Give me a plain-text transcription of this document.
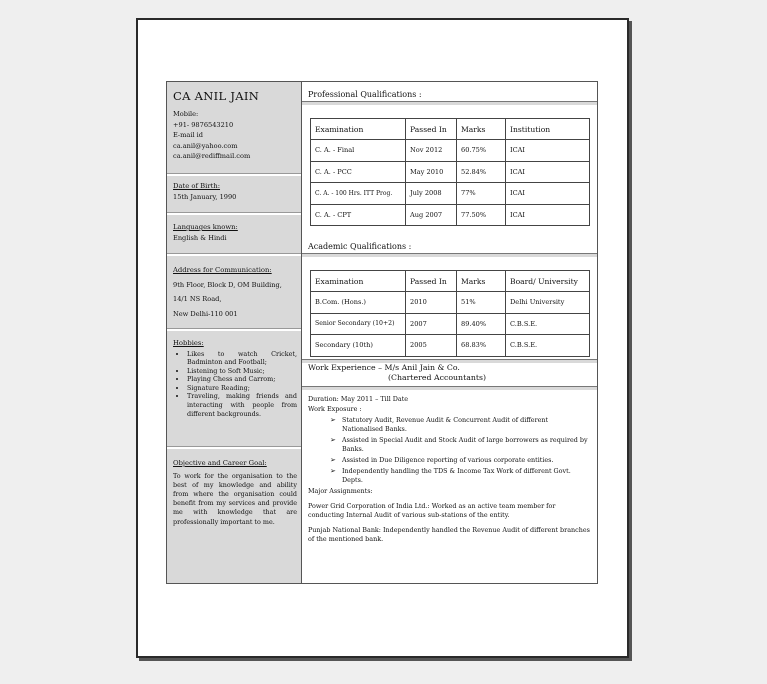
CA ANIL JAIN
Mobile:
+91- 9876543210
E-mail id
ca.anil@yahoo.com
ca.anil@rediffmail.com
Date of Birth:
15th January, 1990
Languages known:
English & Hindi
Address for Communication:
9th Floor, Block D, OM Building,
14/1 NS Road,
New Delhi-110 001
Hobbies:
• Likes to watch Cricket, Badminton and Football;
• Listening to Soft Music;
• Playing Chess and Carrom;
• Signature Reading;
• Traveling, making friends and interacting with people from different backgrounds.
Objective and Career Goal:
To work for the organisation to the best of my knowledge and ability from where the organisation could benefit from my services and provide me with knowledge that are professionally important to me.
Professional Qualifications :
Examination	Passed In	Marks	Institution
C. A. - Final	Nov 2012	60.75%	ICAI
C. A. - PCC	May 2010	52.84%	ICAI
C. A. - 100 Hrs. ITT Prog.	July 2008	77%	ICAI
C. A. - CPT	Aug 2007	77.50%	ICAI
Academic Qualifications :
Examination	Passed In	Marks	Board/ University
B.Com. (Hons.)	2010	51%	Delhi University
Senior Secondary (10+2)	2007	89.40%	C.B.S.E.
Secondary (10th)	2005	68.83%	C.B.S.E.
Work Experience – M/s Anil Jain & Co.
(Chartered Accountants)
Duration: May 2011 – Till Date
Work Exposure :
➢ Statutory Audit, Revenue Audit & Concurrent Audit of different Nationalised Banks.
➢ Assisted in Special Audit and Stock Audit of large borrowers as required by Banks.
➢ Assisted in Due Diligence reporting of various corporate entities.
➢ Independently handling the TDS & Income Tax Work of different Govt. Depts.
Major Assignments:
Power Grid Corporation of India Ltd.: Worked as an active team member for conducting Internal Audit of various sub-stations of the entity.
Punjab National Bank: Independently handled the Revenue Audit of different branches of the mentioned bank.
